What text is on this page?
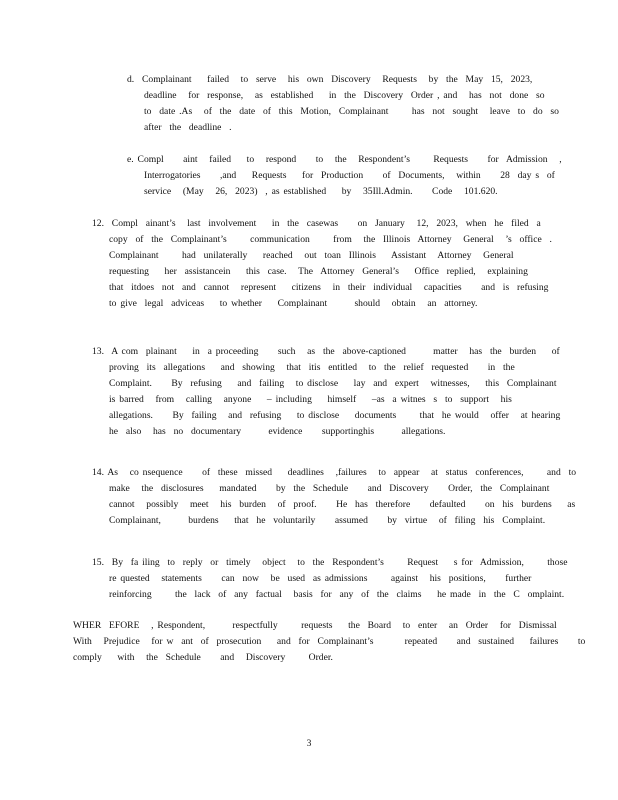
d.  Complainant    failed   to  serve   his  own  Discovery   Requests   by  the  May  15,  2023,
deadline   for  response,   as  established    in  the  Discovery  Order , and   has  not  done  so
to  date .As   of  the  date  of  this  Motion,  Complainant      has  not  sought   leave  to  do  so
after  the  deadline  .
e. Compl     aint   failed    to   respond     to   the   Respondent’s      Requests     for  Admission   ,
Interrogatories     ,and    Requests    for  Production     of  Documents,   within     28  day s  of
service   (May   26,  2023)  , as established    by   35Ill.Admin.     Code   101.620.
12.  Compl  ainant’s   last  involvement    in  the  casewas     on  January   12,  2023,  when  he  filed  a
copy  of  the  Complainant’s      communication      from   the  Illinois  Attorney   General   ’s  office  .
Complainant      had  unilaterally    reached   out  toan  Illinois    Assistant   Attorney   General
requesting    her  assistancein    this  case.   The  Attorney  General’s    Office  replied,   explaining
that  itdoes  not  and  cannot   represent    citizens   in  their  individual   capacities     and  is  refusing
to give  legal  adviceas    to whether    Complainant       should   obtain   an  attorney.
13.  A com  plainant    in  a proceeding     such   as  the  above-captioned       matter   has  the  burden    of
proving  its  allegations    and  showing   that  itis  entitled   to  the  relief  requested     in  the
Complaint.     By  refusing    and  failing   to disclose    lay  and  expert   witnesses,    this  Complainant
is barred   from   calling   anyone    – including    himself    –as  a witnes  s  to  support   his
allegations.     By  failing   and  refusing    to disclose    documents      that  he would   offer   at hearing
he  also   has  no  documentary       evidence     supportinghis       allegations.
14. As   co nsequence     of  these  missed    deadlines   ,failures   to  appear   at  status  conferences,      and  to
make   the  disclosures    mandated     by  the  Schedule     and  Discovery     Order,  the  Complainant
cannot   possibly   meet   his  burden   of  proof.     He  has  therefore     defaulted     on  his  burdens    as
Complainant,       burdens    that  he  voluntarily     assumed     by  virtue   of  filing  his  Complaint.
15.  By  fa iling  to  reply  or  timely   object   to  the  Respondent’s      Request    s for  Admission,      those
re quested   statements     can  now   be  used  as admissions      against   his  positions,     further
reinforcing      the  lack  of  any  factual   basis  for  any  of  the  claims    he made  in  the  C  omplaint.
WHER  EFORE   , Respondent,       respectfully      requests    the  Board   to  enter   an  Order   for  Dismissal
With   Prejudice   for w  ant  of  prosecution    and  for  Complainant’s        repeated     and  sustained    failures     to
comply    with   the  Schedule     and   Discovery      Order.
3
